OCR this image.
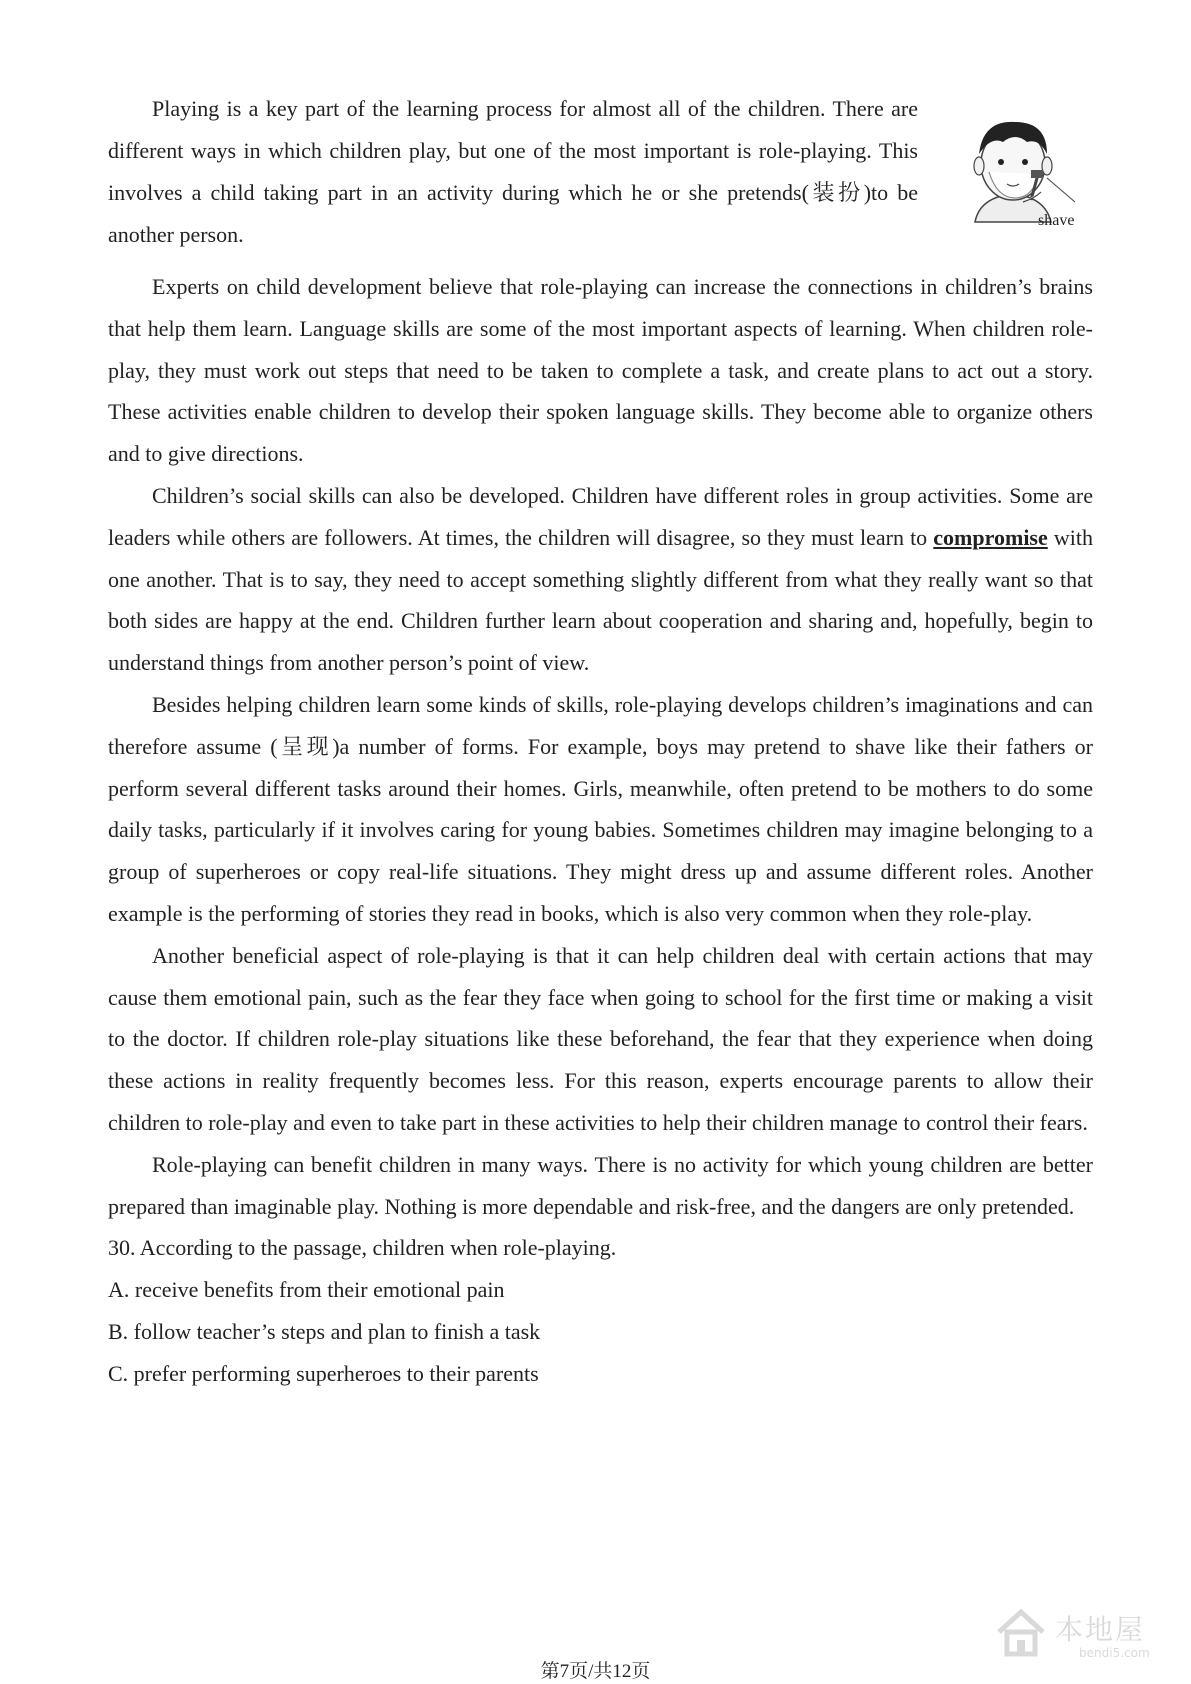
Playing is a key part of the learning process for almost all of the children. There are different ways in which children play, but one of the most important is role-playing. This involves a child taking part in an activity during which he or she pretends(装扮)to be another person.

shave

Experts on child development believe that role-playing can increase the connections in children’s brains that help them learn. Language skills are some of the most important aspects of learning. When children role-play, they must work out steps that need to be taken to complete a task, and create plans to act out a story. These activities enable children to develop their spoken language skills. They become able to organize others and to give directions.

Children’s social skills can also be developed. Children have different roles in group activities. Some are leaders while others are followers. At times, the children will disagree, so they must learn to compromise with one another. That is to say, they need to accept something slightly different from what they really want so that both sides are happy at the end. Children further learn about cooperation and sharing and, hopefully, begin to understand things from another person’s point of view.

Besides helping children learn some kinds of skills, role-playing develops children’s imaginations and can therefore assume (呈现)a number of forms. For example, boys may pretend to shave like their fathers or perform several different tasks around their homes. Girls, meanwhile, often pretend to be mothers to do some daily tasks, particularly if it involves caring for young babies. Sometimes children may imagine belonging to a group of superheroes or copy real-life situations. They might dress up and assume different roles. Another example is the performing of stories they read in books, which is also very common when they role-play.

Another beneficial aspect of role-playing is that it can help children deal with certain actions that may cause them emotional pain, such as the fear they face when going to school for the first time or making a visit to the doctor. If children role-play situations like these beforehand, the fear that they experience when doing these actions in reality frequently becomes less. For this reason, experts encourage parents to allow their children to role-play and even to take part in these activities to help their children manage to control their fears.

Role-playing can benefit children in many ways. There is no activity for which young children are better prepared than imaginable play. Nothing is more dependable and risk-free, and the dangers are only pretended.

30. According to the passage, children when role-playing.

A. receive benefits from their emotional pain

B. follow teacher’s steps and plan to finish a task

C. prefer performing superheroes to their parents

第7页/共12页
本地屋
bendi5.com
